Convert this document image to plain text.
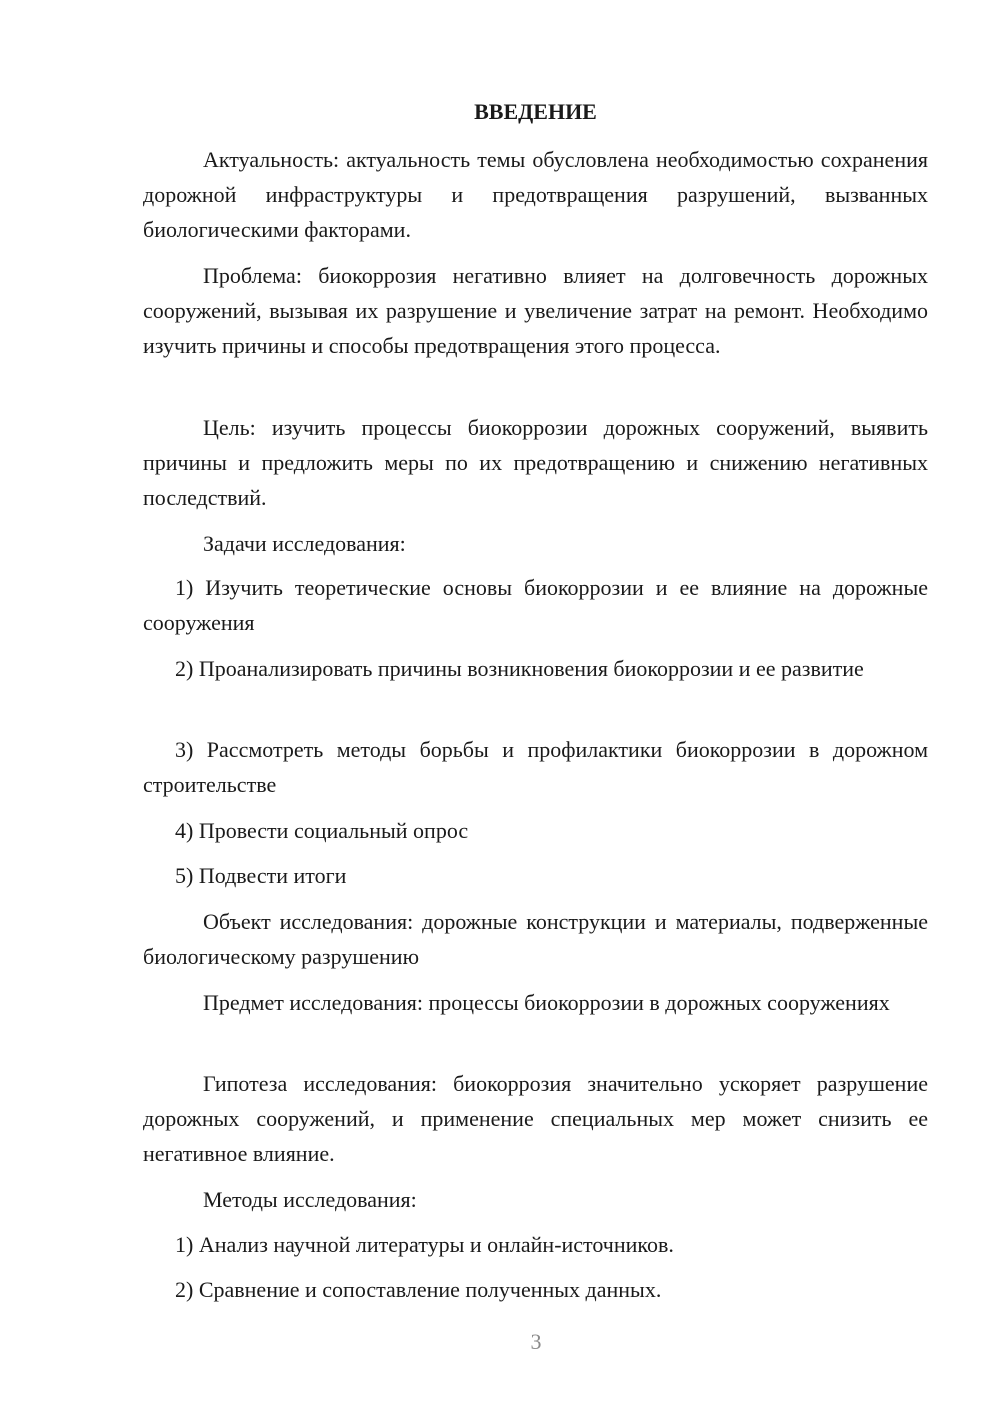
ВВЕДЕНИЕ

Актуальность: актуальность темы обусловлена необходимостью сохранения дорожной инфраструктуры и предотвращения разрушений, вызванных биологическими факторами.

Проблема: биокоррозия негативно влияет на долговечность дорожных сооружений, вызывая их разрушение и увеличение затрат на ремонт. Необходимо изучить причины и способы предотвращения этого процесса.

Цель: изучить процессы биокоррозии дорожных сооружений, выявить причины и предложить меры по их предотвращению и снижению негативных последствий.

Задачи исследования:

1) Изучить теоретические основы биокоррозии и ее влияние на дорожные сооружения

2) Проанализировать причины возникновения биокоррозии и ее развитие

3) Рассмотреть методы борьбы и профилактики биокоррозии в дорожном строительстве

4) Провести социальный опрос

5) Подвести итоги

Объект исследования: дорожные конструкции и материалы, подверженные биологическому разрушению

Предмет исследования: процессы биокоррозии в дорожных сооружениях

Гипотеза исследования: биокоррозия значительно ускоряет разрушение дорожных сооружений, и применение специальных мер может снизить ее негативное влияние.

Методы исследования:

1) Анализ научной литературы и онлайн-источников.

2) Сравнение и сопоставление полученных данных.

3
